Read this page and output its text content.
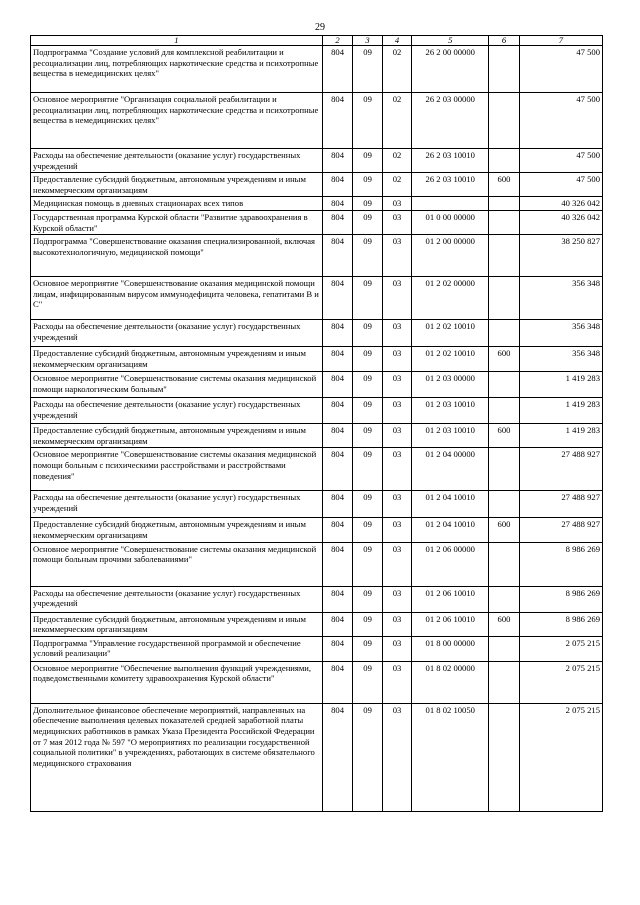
29
1	2	3	4	5	6	7
Подпрограмма "Создание условий для комплексной реабилитации и ресоциализации лиц, потребляющих наркотические средства и психотропные вещества в немедицинских целях"	804	09	02	26 2 00 00000		47 500
Основное мероприятие "Организация социальной реабилитации и ресоциализации лиц, потребляющих наркотические средства и психотропные вещества в немедицинских целях"	804	09	02	26 2 03 00000		47 500
Расходы на обеспечение деятельности (оказание услуг) государственных учреждений	804	09	02	26 2 03 10010		47 500
Предоставление субсидий бюджетным, автономным учреждениям и иным некоммерческим организациям	804	09	02	26 2 03 10010	600	47 500
Медицинская помощь в дневных стационарах всех типов	804	09	03			40 326 042
Государственная программа Курской области "Развитие здравоохранения в Курской области"	804	09	03	01 0 00 00000		40 326 042
Подпрограмма "Совершенствование оказания специализированной, включая высокотехнологичную, медицинской помощи"	804	09	03	01 2 00 00000		38 250 827
Основное мероприятие "Совершенствование оказания медицинской помощи лицам, инфицированным вирусом иммунодефицита человека, гепатитами B и C"	804	09	03	01 2 02 00000		356 348
Расходы на обеспечение деятельности (оказание услуг) государственных учреждений	804	09	03	01 2 02 10010		356 348
Предоставление субсидий бюджетным, автономным учреждениям и иным некоммерческим организациям	804	09	03	01 2 02 10010	600	356 348
Основное мероприятие "Совершенствование системы оказания медицинской помощи наркологическим больным"	804	09	03	01 2 03 00000		1 419 283
Расходы на обеспечение деятельности (оказание услуг) государственных учреждений	804	09	03	01 2 03 10010		1 419 283
Предоставление субсидий бюджетным, автономным учреждениям и иным некоммерческим организациям	804	09	03	01 2 03 10010	600	1 419 283
Основное мероприятие "Совершенствование системы оказания медицинской помощи больным с психическими расстройствами и расстройствами поведения"	804	09	03	01 2 04 00000		27 488 927
Расходы на обеспечение деятельности (оказание услуг) государственных учреждений	804	09	03	01 2 04 10010		27 488 927
Предоставление субсидий бюджетным, автономным учреждениям и иным некоммерческим организациям	804	09	03	01 2 04 10010	600	27 488 927
Основное мероприятие "Совершенствование системы оказания медицинской помощи больным прочими заболеваниями"	804	09	03	01 2 06 00000		8 986 269
Расходы на обеспечение деятельности (оказание услуг) государственных учреждений	804	09	03	01 2 06 10010		8 986 269
Предоставление субсидий бюджетным, автономным учреждениям и иным некоммерческим организациям	804	09	03	01 2 06 10010	600	8 986 269
Подпрограмма "Управление государственной программой и обеспечение условий реализации"	804	09	03	01 8 00 00000		2 075 215
Основное мероприятие "Обеспечение выполнения функций учреждениями, подведомственными комитету здравоохранения Курской области"	804	09	03	01 8 02 00000		2 075 215
Дополнительное финансовое обеспечение мероприятий, направленных на обеспечение выполнения целевых показателей средней заработной платы медицинских работников в рамках Указа Президента Российской Федерации от 7 мая 2012 года № 597 "О мероприятиях по реализации государственной социальной политики" в учреждениях, работающих в системе обязательного медицинского страхования	804	09	03	01 8 02 10050		2 075 215
